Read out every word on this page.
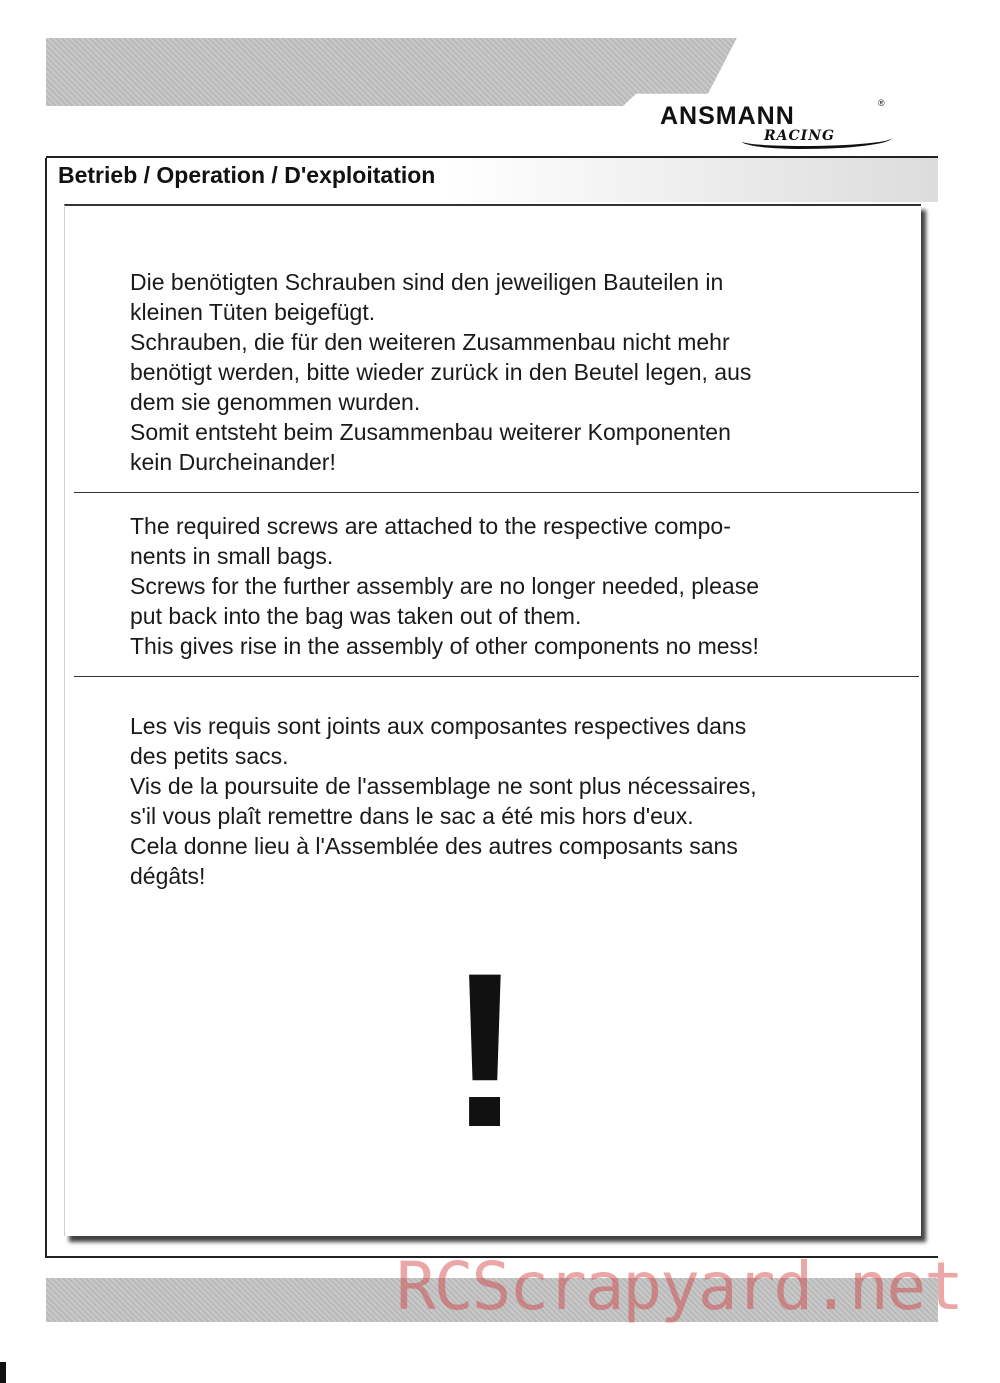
ANSMANN	®
RACING
Betrieb / Operation / D'exploitation

Die benötigten Schrauben sind den jeweiligen Bauteilen in

kleinen Tüten beigefügt.

Schrauben, die für den weiteren Zusammenbau nicht mehr

benötigt werden, bitte wieder zurück in den Beutel legen, aus

dem sie genommen wurden.

Somit entsteht beim Zusammenbau weiterer Komponenten

kein Durcheinander!

The required screws are attached to the respective compo-

nents in small bags.

Screws for the further assembly are no longer needed, please

put back into the bag was taken out of them.

This gives rise in the assembly of other components no mess!

Les vis requis sont joints aux composantes respectives dans

des petits sacs.

Vis de la poursuite de l'assemblage ne sont plus nécessaires,

s'il vous plaît remettre dans le sac a été mis hors d'eux.

Cela donne lieu à l'Assemblée des autres composants sans

dégâts!

!
RCScrapyard.net
